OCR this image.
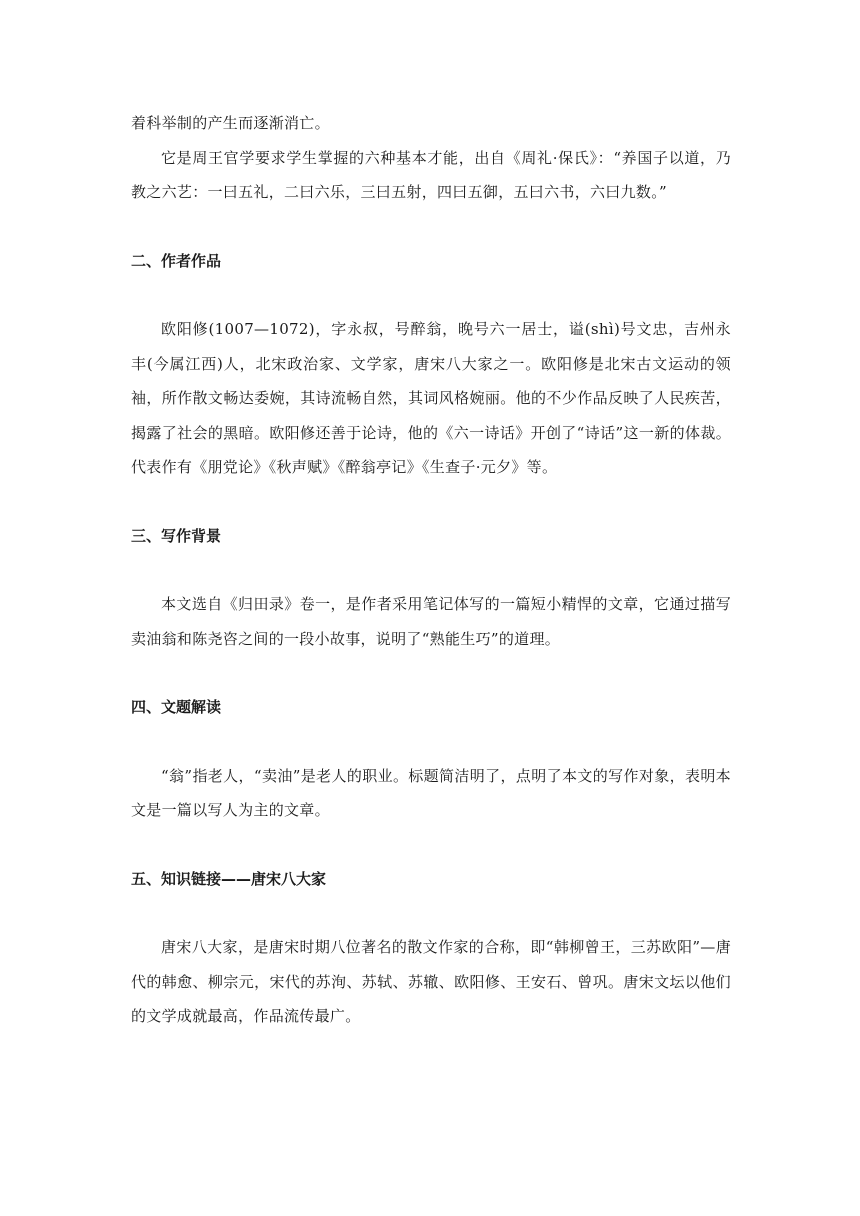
着科举制的产生而逐渐消亡。

它是周王官学要求学生掌握的六种基本才能，出自《周礼·保氏》：“养国子以道，乃教之六艺：一曰五礼，二曰六乐，三曰五射，四曰五御，五曰六书，六曰九数。”

二、作者作品

欧阳修(1007—1072)，字永叔，号醉翁，晚号六一居士，谥(shì)号文忠，吉州永丰(今属江西)人，北宋政治家、文学家，唐宋八大家之一。欧阳修是北宋古文运动的领袖，所作散文畅达委婉，其诗流畅自然，其词风格婉丽。他的不少作品反映了人民疾苦，揭露了社会的黑暗。欧阳修还善于论诗，他的《六一诗话》开创了“诗话”这一新的体裁。代表作有《朋党论》《秋声赋》《醉翁亭记》《生查子·元夕》等。

三、写作背景

本文选自《归田录》卷一，是作者采用笔记体写的一篇短小精悍的文章，它通过描写卖油翁和陈尧咨之间的一段小故事，说明了“熟能生巧”的道理。

四、文题解读

“翁”指老人，“卖油”是老人的职业。标题简洁明了，点明了本文的写作对象，表明本文是一篇以写人为主的文章。

五、知识链接——唐宋八大家

唐宋八大家，是唐宋时期八位著名的散文作家的合称，即“韩柳曾王，三苏欧阳”—唐代的韩愈、柳宗元，宋代的苏洵、苏轼、苏辙、欧阳修、王安石、曾巩。唐宋文坛以他们的文学成就最高，作品流传最广。
